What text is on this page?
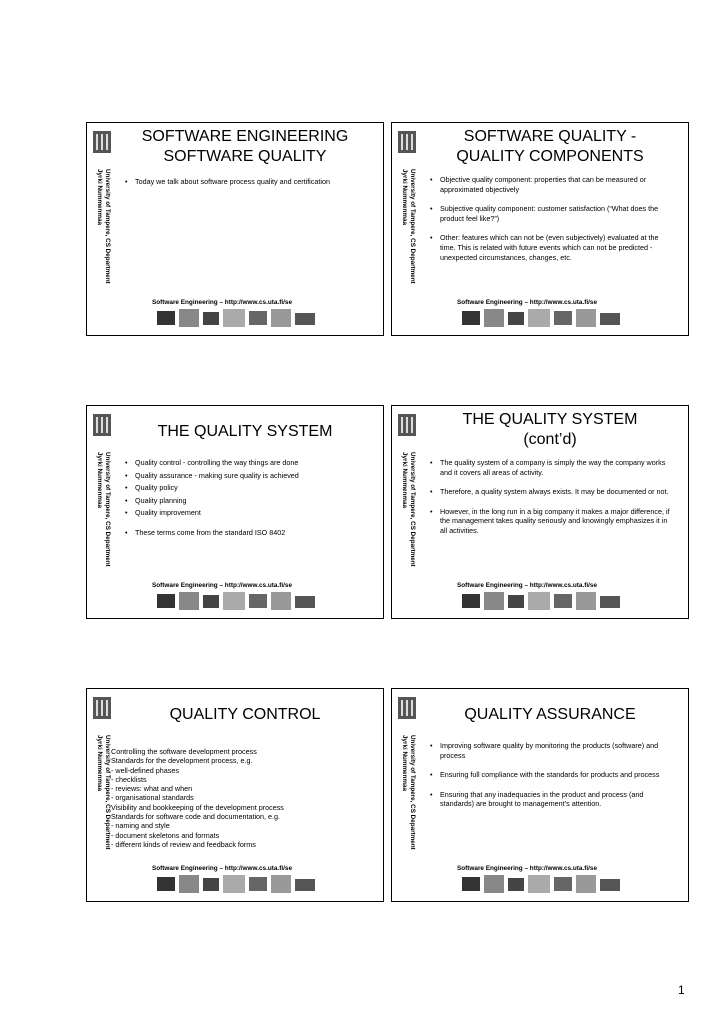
University of Tampere, CS Department
Jyrki Nummenmaa
SOFTWARE ENGINEERING
SOFTWARE QUALITY
• Today we talk about software process quality and certification
Software Engineering – http://www.cs.uta.fi/se
University of Tampere, CS Department
Jyrki Nummenmaa
SOFTWARE QUALITY -
QUALITY COMPONENTS
• Objective quality component: properties that can be measured or approximated objectively
• Subjective quality component: customer satisfaction (“What does the product feel like?”)
• Other: features which can not be (even subjectively) evaluated at the time. This is related with future events which can not be predicted - unexpected circumstances, changes, etc.
Software Engineering – http://www.cs.uta.fi/se
University of Tampere, CS Department
Jyrki Nummenmaa
THE QUALITY SYSTEM
• Quality control - controlling the way things are done
• Quality assurance - making sure quality is achieved
• Quality policy
• Quality planning
• Quality improvement
• These terms come from the standard ISO 8402
Software Engineering – http://www.cs.uta.fi/se
University of Tampere, CS Department
Jyrki Nummenmaa
THE QUALITY SYSTEM
(cont’d)
• The quality system of a company is simply the way the company works and it covers all areas of activity.
• Therefore, a quality system always exists. It may be documented or not.
• However, in the long run in a big company it makes a major difference, if the management takes quality seriously and knowingly emphasizes it in all activities.
Software Engineering – http://www.cs.uta.fi/se
University of Tampere, CS Department
Jyrki Nummenmaa
QUALITY CONTROL
Controlling the software development process
Standards for the development process, e.g.
- well-defined phases
- checklists
- reviews: what and when
- organisational standards
Visibility and bookkeeping of the development process
Standards for software code and documentation, e.g.
- naming and style
- document skeletons and formats
- different kinds of review and feedback forms
Software Engineering – http://www.cs.uta.fi/se
University of Tampere, CS Department
Jyrki Nummenmaa
QUALITY ASSURANCE
• Improving software quality by monitoring the products (software) and process
• Ensuring full compliance with the standards for products and process
• Ensuring that any inadequacies in the product and process (and standards) are brought to management’s attention.
Software Engineering – http://www.cs.uta.fi/se
1
